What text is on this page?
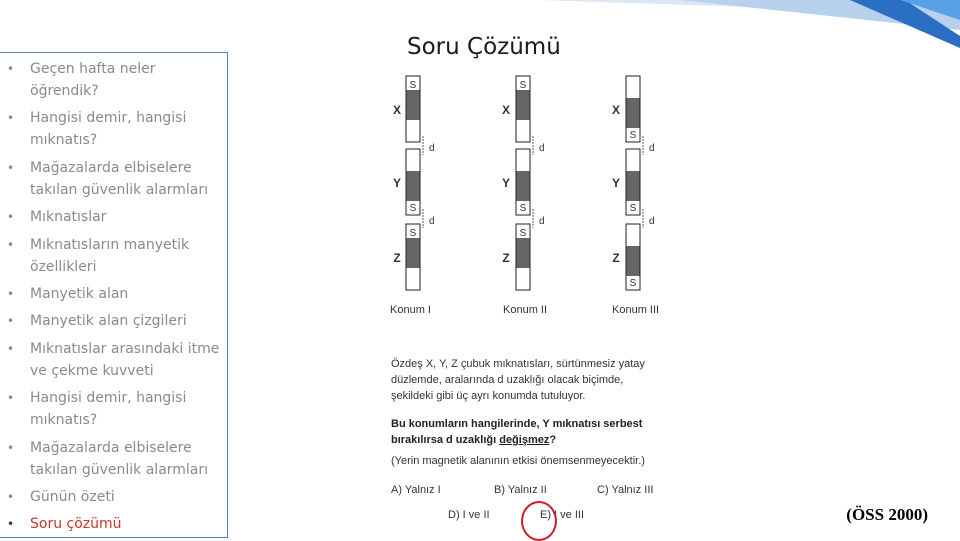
• Geçen hafta neler öğrendik?
• Hangisi demir, hangisi mıknatıs?
• Mağazalarda elbiselere takılan güvenlik alarmları
• Mıknatıslar
• Mıknatısların manyetik özellikleri
• Manyetik alan
• Manyetik alan çizgileri
• Mıknatıslar arasındaki itme ve çekme kuvveti
• Hangisi demir, hangisi mıknatıs?
• Mağazalarda elbiselere takılan güvenlik alarmları
• Günün özeti
• Soru çözümü
Soru Çözümü
S
N
d
S
N
d
N
S
d
X	X	X
N
S
d
N
S
d
N
S
d
Y	Y	Y
S
N
S
N
N
S
Z	Z	Z
Konum I	Konum II	Konum III
Özdeş X, Y, Z çubuk mıknatısları, sürtünmesiz yatay
düzlemde, aralarında d uzaklığı olacak biçimde,
şekildeki gibi üç ayrı konumda tutuluyor.
Bu konumların hangilerinde, Y mıknatısı serbest
bırakılırsa d uzaklığı değişmez?
(Yerin magnetik alanının etkisi önemsenmeyecektir.)
A) Yalnız I	B) Yalnız II	C) Yalnız III
D) I ve II	E) I ve III	(ÖSS 2000)
